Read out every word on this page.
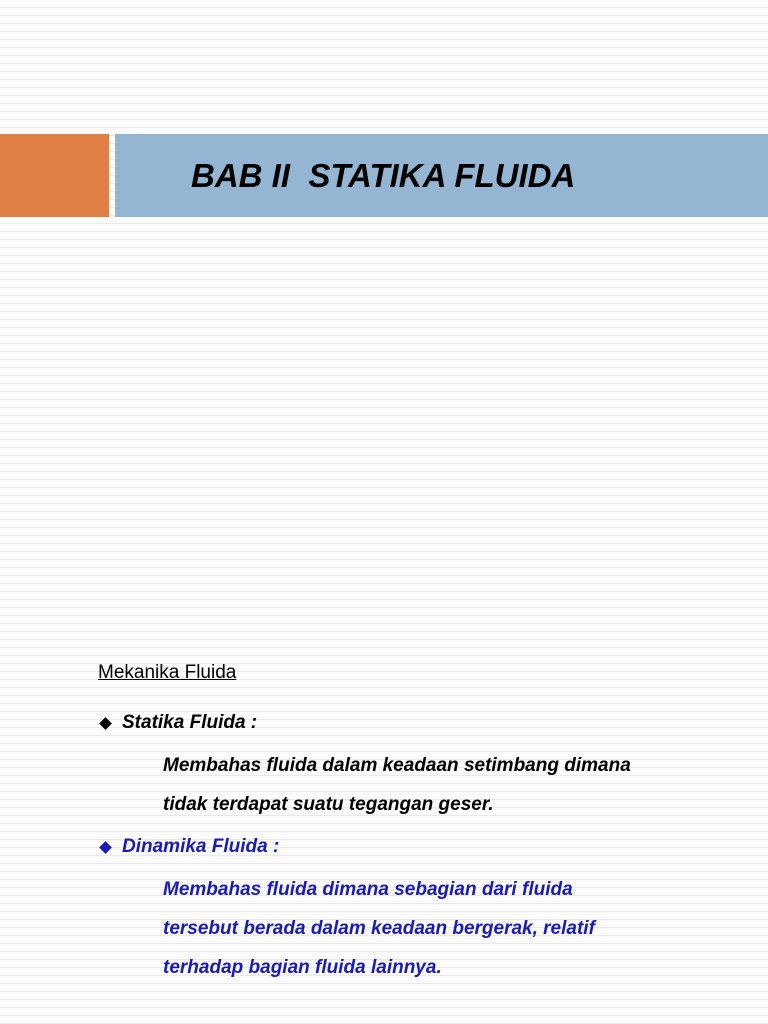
BAB II  STATIKA FLUIDA
Mekanika Fluida
Statika Fluida :
Membahas fluida dalam keadaan setimbang dimana
tidak terdapat suatu tegangan geser.
Dinamika Fluida :
Membahas fluida dimana sebagian dari fluida
tersebut berada dalam keadaan bergerak, relatif
terhadap bagian fluida lainnya.
